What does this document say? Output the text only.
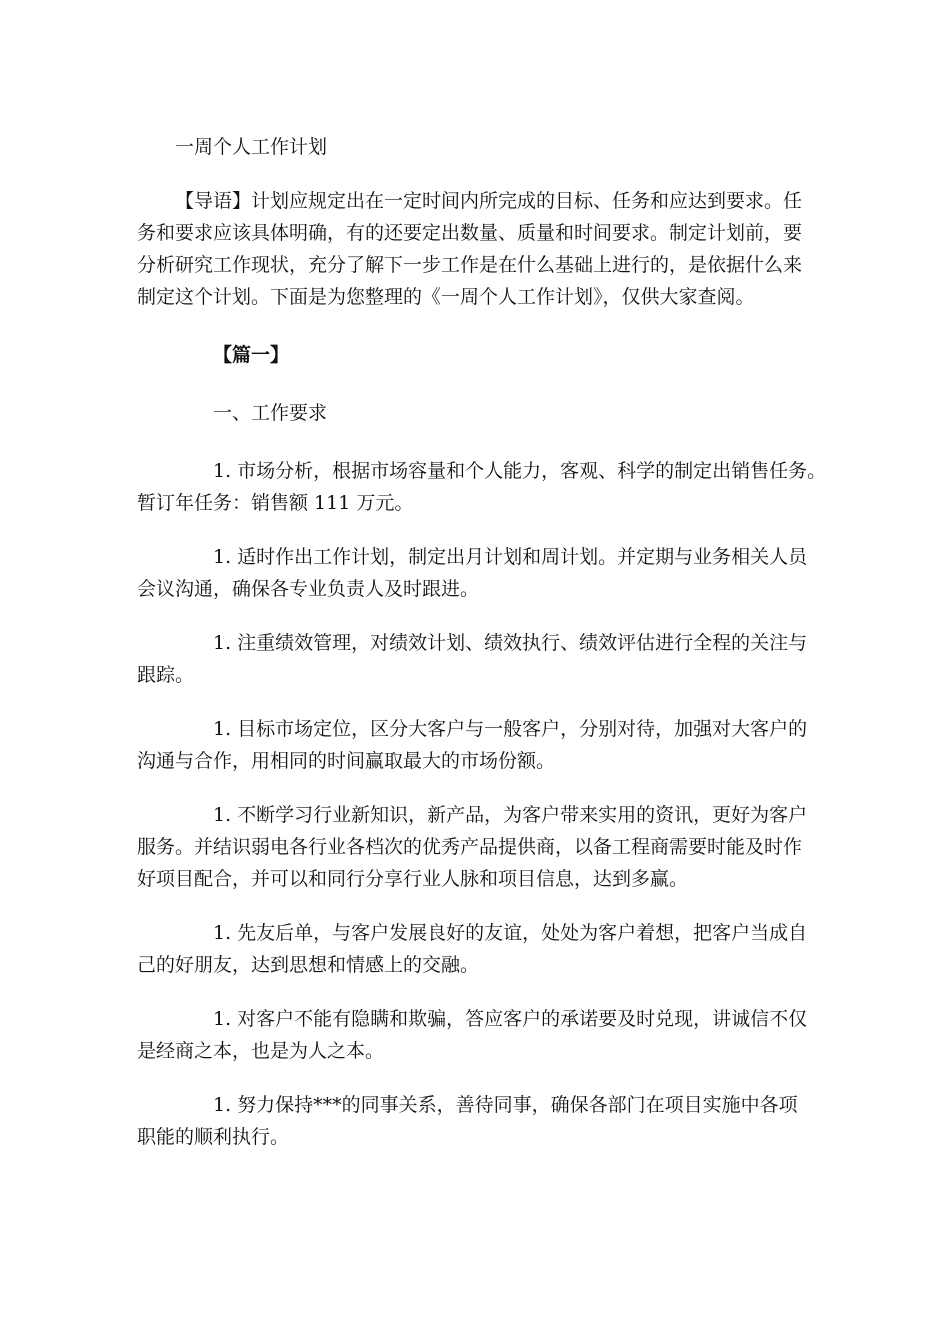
一周个人工作计划
【导语】计划应规定出在一定时间内所完成的目标、任务和应达到要求。任
务和要求应该具体明确，有的还要定出数量、质量和时间要求。制定计划前，要
分析研究工作现状，充分了解下一步工作是在什么基础上进行的，是依据什么来
制定这个计划。下面是为您整理的《一周个人工作计划》，仅供大家查阅。
【篇一】
一、工作要求
1. 市场分析，根据市场容量和个人能力，客观、科学的制定出销售任务。
暂订年任务：销售额 111 万元。
1. 适时作出工作计划，制定出月计划和周计划。并定期与业务相关人员
会议沟通，确保各专业负责人及时跟进。
1. 注重绩效管理，对绩效计划、绩效执行、绩效评估进行全程的关注与
跟踪。
1. 目标市场定位，区分大客户与一般客户，分别对待，加强对大客户的
沟通与合作，用相同的时间赢取最大的市场份额。
1. 不断学习行业新知识，新产品，为客户带来实用的资讯，更好为客户
服务。并结识弱电各行业各档次的优秀产品提供商，以备工程商需要时能及时作
好项目配合，并可以和同行分享行业人脉和项目信息，达到多赢。
1. 先友后单，与客户发展良好的友谊，处处为客户着想，把客户当成自
己的好朋友，达到思想和情感上的交融。
1. 对客户不能有隐瞒和欺骗，答应客户的承诺要及时兑现，讲诚信不仅
是经商之本，也是为人之本。
1. 努力保持***的同事关系，善待同事，确保各部门在项目实施中各项
职能的顺利执行。
